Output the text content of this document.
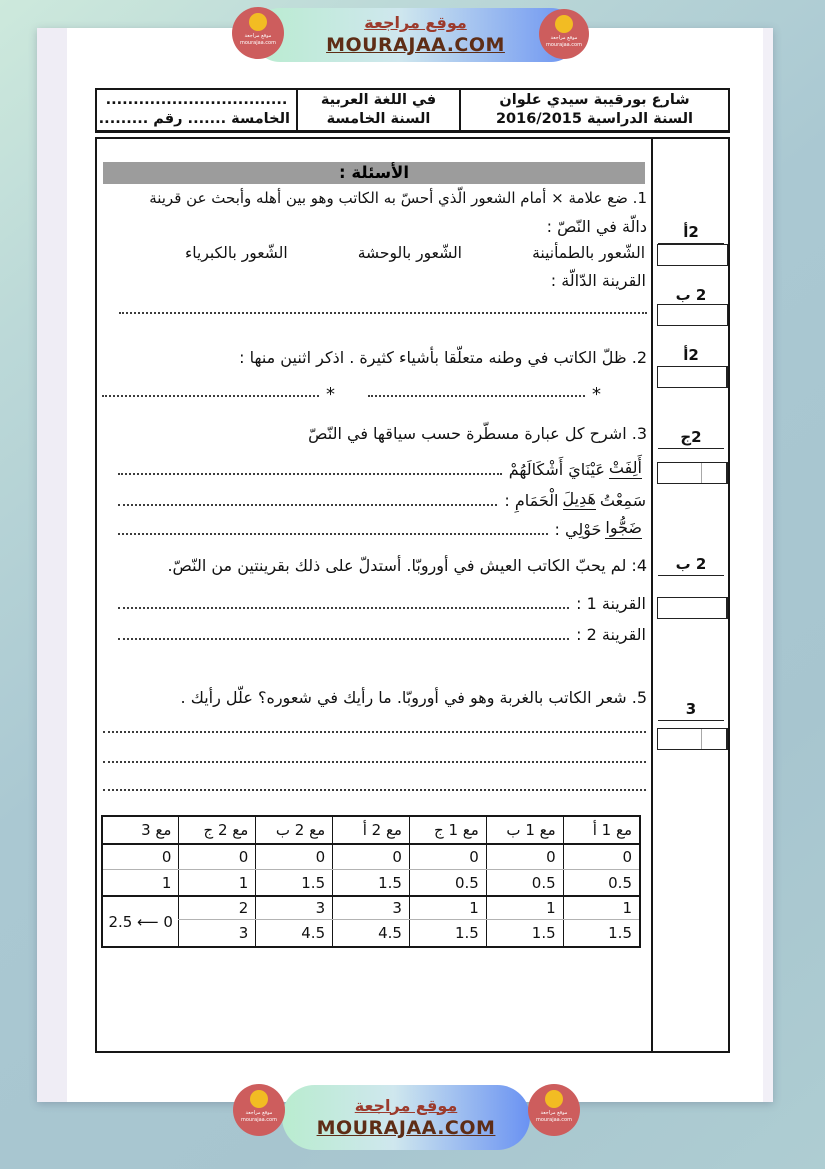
شارع بورقيبة سيدي علوان
السنة الدراسية 2016/2015
في اللغة العربية
السنة الخامسة
.................................
الخامسة ....... رقم .........
الأسئلة :
1. ضع علامة × أمام الشعور الّذي أحسّ به الكاتب وهو بين أهله وأبحث عن قرينة
دالّة في النّصّ :
الشّعور بالطمأنينة
الشّعور بالوحشة
الشّعور بالكبرياء
القرينة الدّالّة :
2. ظلّ الكاتب في وطنه متعلّقا بأشياء كثيرة . اذكر اثنين منها :
*
*
3. اشرح كل عبارة مسطّرة حسب سياقها في النّصّ
أَلِفَتْ
عَيْنَايَ أَشْكَالَهُمْ
سَمِعْتُ
هَدِيلَ
الْحَمَامِ :
ضَجُّوا
حَوْلِي :
4: لم يحبّ الكاتب العيش في أوروبّا. أستدلّ على ذلك بقرينتين من النّصّ.
القرينة 1 :
القرينة 2 :
5. شعر الكاتب بالغربة وهو في أوروبّا. ما رأيك في شعوره؟ علّل رأيك .
مع 1 أ	مع 1 ب	مع 1 ج	مع 2 أ	مع 2 ب	مع 2 ج	مع 3
0	0	0	0	0	0	0
0.5	0.5	0.5	1.5	1.5	1	1
1	1	1	3	3	2	2.5 ⟵ 0
1.5	1.5	1.5	4.5	4.5	3	
أ2
ب 2
أ2
ج2
ب 2
3
موقع مراجعة
MOURAJAA.COM
موقع مراجعة
mourajaa.com
موقع مراجعة
mourajaa.com
موقع مراجعة
MOURAJAA.COM
موقع مراجعة
mourajaa.com
موقع مراجعة
mourajaa.com
